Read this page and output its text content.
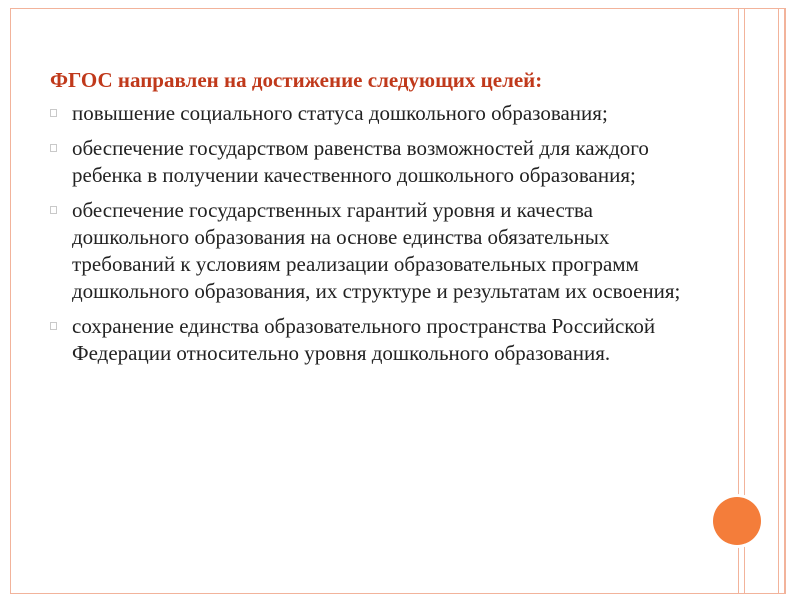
ФГОС направлен на достижение следующих целей:
повышение социального статуса дошкольного образования;
обеспечение государством равенства возможностей для каждого ребенка в получении качественного дошкольного образования;
обеспечение государственных гарантий уровня и качества дошкольного образования на основе единства обязательных требований к условиям реализации образовательных программ дошкольного образования, их структуре и результатам их освоения;
сохранение единства образовательного пространства Российской Федерации относительно уровня дошкольного образования.
